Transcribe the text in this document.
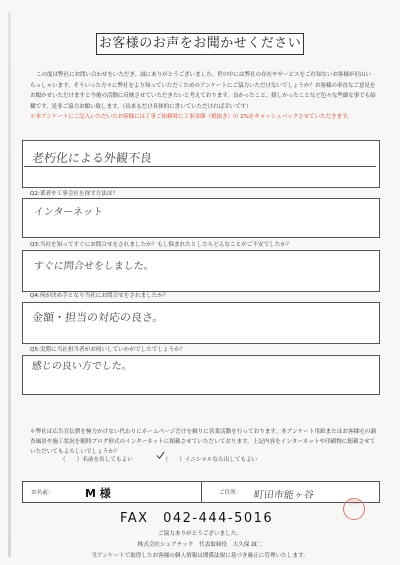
お客様のお声をお聞かせください

この度は弊社にお問い合わせをいただき、誠にありがとうございました。世の中には弊社の存在やサービスをご存知ないお客様が沢山いらっしゃいます。そういった方々に弊社をより知っていただくためのアンケートにご協力いただけないでしょうか？お客様の率直なご意見をお聞かせいただけますと今後の活動に反映させていただきたいと考えております。良かったこと、嬉しかったことなど色々な些細な事でも結構です。是非ご協力お願い致します。（出来るだけ具体的に書いていただければ幸いです）

＊本アンケートにご記入いただいたお客様には工事ご依頼時に工事金額（税抜き）の 2%をキャッシュバックさせていただきます。

老朽化による外観不良
Q2:業者や工事会社を探す方法は？
インターネット
Q3:当社を知ってすぐにお問合せをされましたか？もし悩まれたとしたらどんなことがご不安でしたか？
すぐに問合せをしました。
Q4:何が決め手となり当社にお問合せをされましたか？
金額・担当の対応の良さ。
Q5:実際に当社担当者がお伺いしていかがでしたでしょうか？
感じの良い方でした。

＊弊社は広告宣伝費を極力かけない代わりにホームページだけを頼りに営業活動を行っております。本アンケート用紙またはお客様宅の調査風景や施工状況を随時ブログ形式のインターネットに掲載させていただいております。上記内容をインターネットや印刷物に掲載させていただいてもよろしいでしょうか？

（　　）名前を出してもよい	（　　）イニシャルなら出してもよい
お名前：	M 様	ご住所： 町田市能ヶ谷
宮田
FAX　042-444-5016
ご協力ありがとうございました。
株式会社シェアテック　代表取締役　大久保 誠二
当アンケートで取得したお客様の個人情報は関係法規に基づき厳正に管理いたします。
